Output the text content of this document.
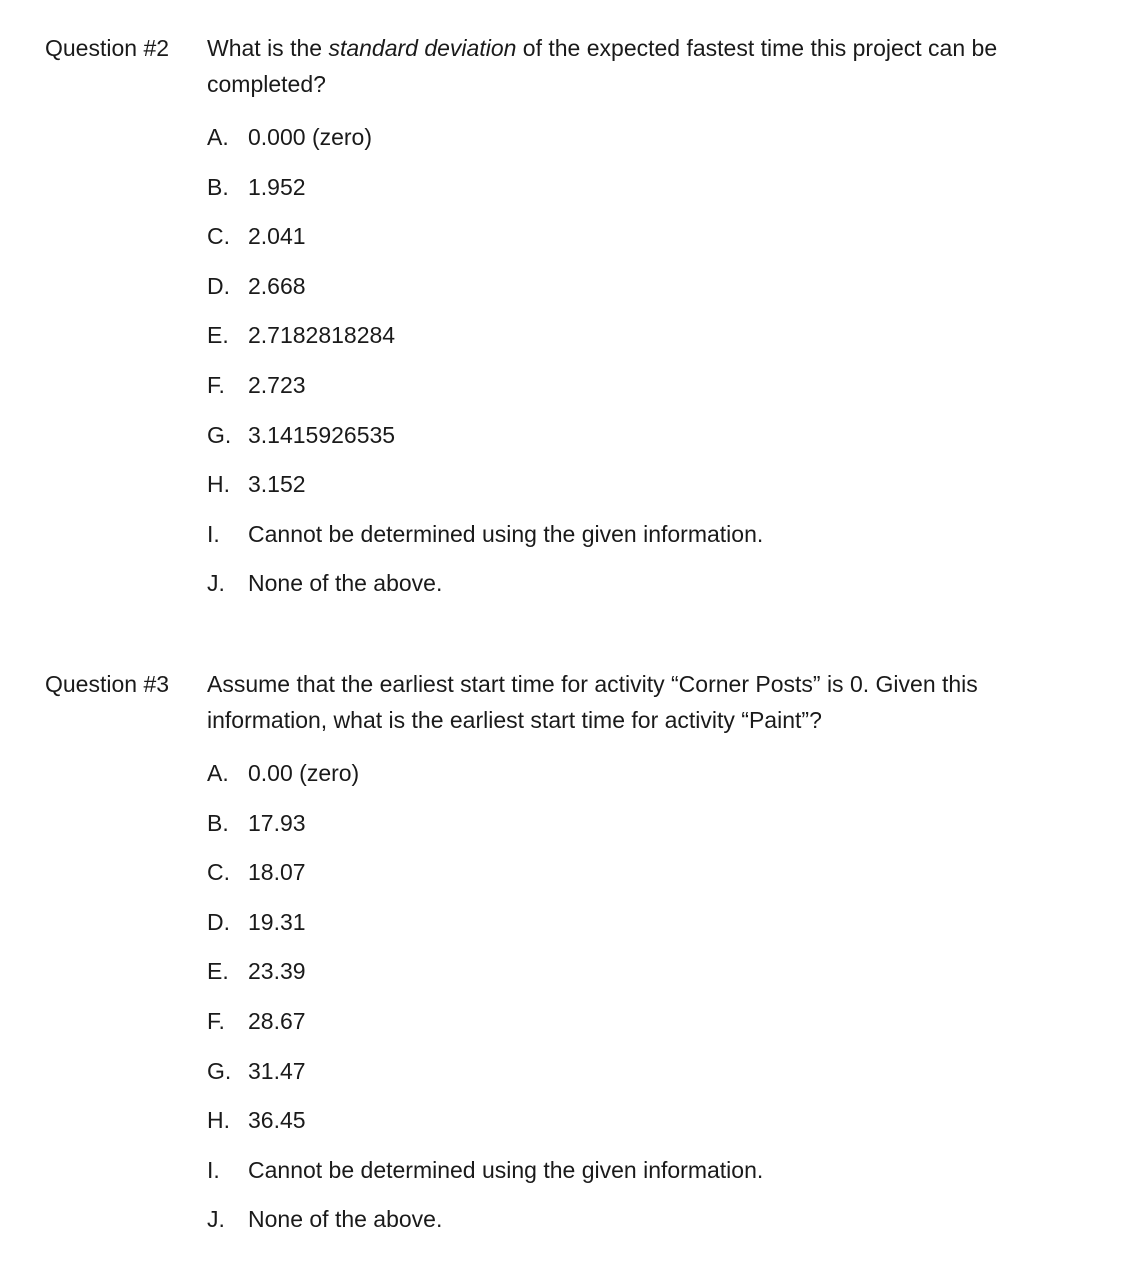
Question #2 What is the standard deviation of the expected fastest time this project can be completed?
A. 0.000 (zero)
B. 1.952
C. 2.041
D. 2.668
E. 2.7182818284
F. 2.723
G. 3.1415926535
H. 3.152
I. Cannot be determined using the given information.
J. None of the above.
Question #3 Assume that the earliest start time for activity “Corner Posts” is 0. Given this information, what is the earliest start time for activity “Paint”?
A. 0.00 (zero)
B. 17.93
C. 18.07
D. 19.31
E. 23.39
F. 28.67
G. 31.47
H. 36.45
I. Cannot be determined using the given information.
J. None of the above.
